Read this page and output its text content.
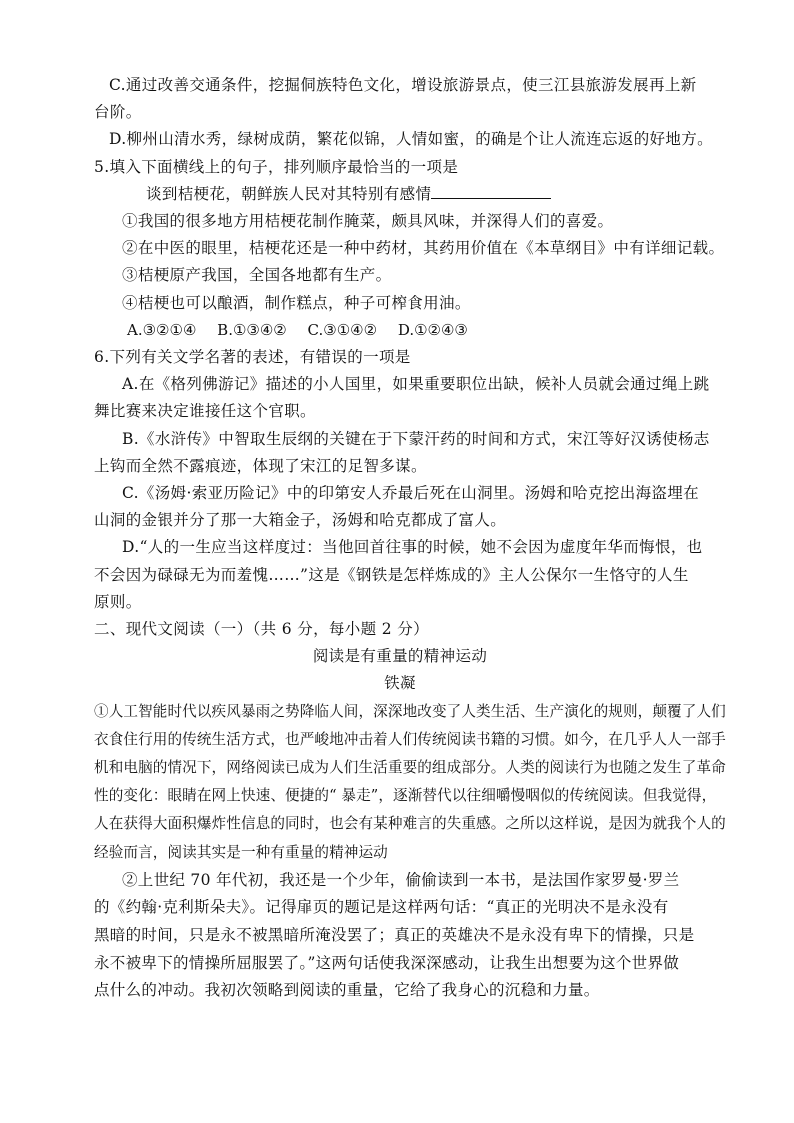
C.通过改善交通条件，挖掘侗族特色文化，增设旅游景点，使三江县旅游发展再上新
台阶。
D.柳州山清水秀，绿树成荫，繁花似锦，人情如蜜，的确是个让人流连忘返的好地方。
5.填入下面横线上的句子，排列顺序最恰当的一项是
谈到桔梗花，朝鲜族人民对其特别有感情
①我国的很多地方用桔梗花制作腌菜，颇具风味，并深得人们的喜爱。
②在中医的眼里，桔梗花还是一种中药材，其药用价值在《本草纲目》中有详细记载。
③桔梗原产我国，全国各地都有生产。
④桔梗也可以酿酒，制作糕点，种子可榨食用油。
A.③②①④ B.①③④② C.③①④② D.①②④③
6.下列有关文学名著的表述，有错误的一项是
A.在《格列佛游记》描述的小人国里，如果重要职位出缺，候补人员就会通过绳上跳
舞比赛来决定谁接任这个官职。
B.《水浒传》中智取生辰纲的关键在于下蒙汗药的时间和方式，宋江等好汉诱使杨志
上钩而全然不露痕迹，体现了宋江的足智多谋。
C.《汤姆·索亚历险记》中的印第安人乔最后死在山洞里。汤姆和哈克挖出海盗埋在
山洞的金银并分了那一大箱金子，汤姆和哈克都成了富人。
D.“人的一生应当这样度过：当他回首往事的时候，她不会因为虚度年华而悔恨，也
不会因为碌碌无为而羞愧……”这是《钢铁是怎样炼成的》主人公保尔一生恪守的人生
原则。
二、现代文阅读（一）（共 6 分，每小题 2 分）
阅读是有重量的精神运动
铁凝
①人工智能时代以疾风暴雨之势降临人间，深深地改变了人类生活、生产演化的规则，颠覆了人们
衣食住行用的传统生活方式，也严峻地冲击着人们传统阅读书籍的习惯。如今，在几乎人人一部手
机和电脑的情况下，网络阅读已成为人们生活重要的组成部分。人类的阅读行为也随之发生了革命
性的变化：眼睛在网上快速、便捷的“ 暴走”，逐渐替代以往细嚼慢咽似的传统阅读。但我觉得，
人在获得大面积爆炸性信息的同时，也会有某种难言的失重感。之所以这样说，是因为就我个人的
经验而言，阅读其实是一种有重量的精神运动
②上世纪 70 年代初，我还是一个少年，偷偷读到一本书，是法国作家罗曼·罗兰
的《约翰·克利斯朵夫》。记得扉页的题记是这样两句话：“真正的光明决不是永没有
黑暗的时间，只是永不被黑暗所淹没罢了；真正的英雄决不是永没有卑下的情操，只是
永不被卑下的情操所屈服罢了。”这两句话使我深深感动，让我生出想要为这个世界做
点什么的冲动。我初次领略到阅读的重量，它给了我身心的沉稳和力量。
